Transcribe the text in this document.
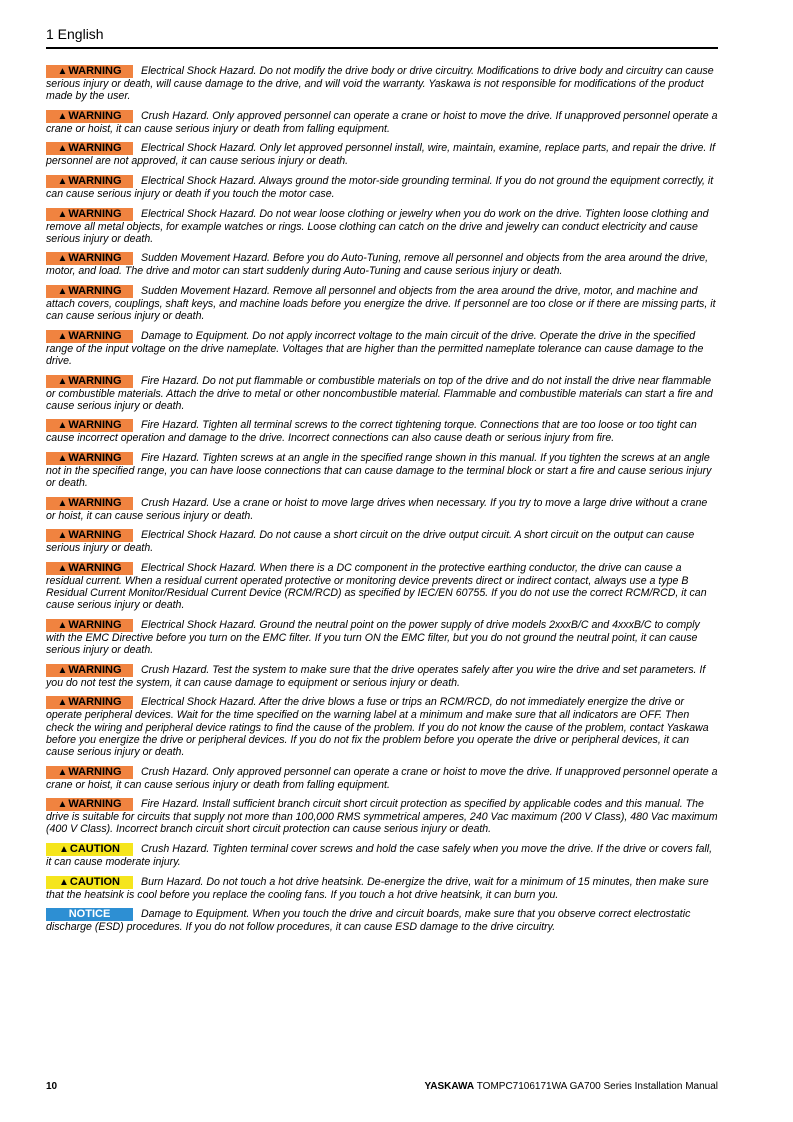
1 English

▲WARNING Electrical Shock Hazard. Do not modify the drive body or drive circuitry. Modifications to drive body and circuitry can cause serious injury or death, will cause damage to the drive, and will void the warranty. Yaskawa is not responsible for modifications of the product made by the user.

▲WARNING Crush Hazard. Only approved personnel can operate a crane or hoist to move the drive. If unapproved personnel operate a crane or hoist, it can cause serious injury or death from falling equipment.

▲WARNING Electrical Shock Hazard. Only let approved personnel install, wire, maintain, examine, replace parts, and repair the drive. If personnel are not approved, it can cause serious injury or death.

▲WARNING Electrical Shock Hazard. Always ground the motor-side grounding terminal. If you do not ground the equipment correctly, it can cause serious injury or death if you touch the motor case.

▲WARNING Electrical Shock Hazard. Do not wear loose clothing or jewelry when you do work on the drive. Tighten loose clothing and remove all metal objects, for example watches or rings. Loose clothing can catch on the drive and jewelry can conduct electricity and cause serious injury or death.

▲WARNING Sudden Movement Hazard. Before you do Auto-Tuning, remove all personnel and objects from the area around the drive, motor, and load. The drive and motor can start suddenly during Auto-Tuning and cause serious injury or death.

▲WARNING Sudden Movement Hazard. Remove all personnel and objects from the area around the drive, motor, and machine and attach covers, couplings, shaft keys, and machine loads before you energize the drive. If personnel are too close or if there are missing parts, it can cause serious injury or death.

▲WARNING Damage to Equipment. Do not apply incorrect voltage to the main circuit of the drive. Operate the drive in the specified range of the input voltage on the drive nameplate. Voltages that are higher than the permitted nameplate tolerance can cause damage to the drive.

▲WARNING Fire Hazard. Do not put flammable or combustible materials on top of the drive and do not install the drive near flammable or combustible materials. Attach the drive to metal or other noncombustible material. Flammable and combustible materials can start a fire and cause serious injury or death.

▲WARNING Fire Hazard. Tighten all terminal screws to the correct tightening torque. Connections that are too loose or too tight can cause incorrect operation and damage to the drive. Incorrect connections can also cause death or serious injury from fire.

▲WARNING Fire Hazard. Tighten screws at an angle in the specified range shown in this manual. If you tighten the screws at an angle not in the specified range, you can have loose connections that can cause damage to the terminal block or start a fire and cause serious injury or death.

▲WARNING Crush Hazard. Use a crane or hoist to move large drives when necessary. If you try to move a large drive without a crane or hoist, it can cause serious injury or death.

▲WARNING Electrical Shock Hazard. Do not cause a short circuit on the drive output circuit. A short circuit on the output can cause serious injury or death.

▲WARNING Electrical Shock Hazard. When there is a DC component in the protective earthing conductor, the drive can cause a residual current. When a residual current operated protective or monitoring device prevents direct or indirect contact, always use a type B Residual Current Monitor/Residual Current Device (RCM/RCD) as specified by IEC/EN 60755. If you do not use the correct RCM/RCD, it can cause serious injury or death.

▲WARNING Electrical Shock Hazard. Ground the neutral point on the power supply of drive models 2xxxB/C and 4xxxB/C to comply with the EMC Directive before you turn on the EMC filter. If you turn ON the EMC filter, but you do not ground the neutral point, it can cause serious injury or death.

▲WARNING Crush Hazard. Test the system to make sure that the drive operates safely after you wire the drive and set parameters. If you do not test the system, it can cause damage to equipment or serious injury or death.

▲WARNING Electrical Shock Hazard. After the drive blows a fuse or trips an RCM/RCD, do not immediately energize the drive or operate peripheral devices. Wait for the time specified on the warning label at a minimum and make sure that all indicators are OFF. Then check the wiring and peripheral device ratings to find the cause of the problem. If you do not know the cause of the problem, contact Yaskawa before you energize the drive or peripheral devices. If you do not fix the problem before you operate the drive or peripheral devices, it can cause serious injury or death.

▲WARNING Crush Hazard. Only approved personnel can operate a crane or hoist to move the drive. If unapproved personnel operate a crane or hoist, it can cause serious injury or death from falling equipment.

▲WARNING Fire Hazard. Install sufficient branch circuit short circuit protection as specified by applicable codes and this manual. The drive is suitable for circuits that supply not more than 100,000 RMS symmetrical amperes, 240 Vac maximum (200 V Class), 480 Vac maximum (400 V Class). Incorrect branch circuit short circuit protection can cause serious injury or death.

▲CAUTION Crush Hazard. Tighten terminal cover screws and hold the case safely when you move the drive. If the drive or covers fall, it can cause moderate injury.

▲CAUTION Burn Hazard. Do not touch a hot drive heatsink. De-energize the drive, wait for a minimum of 15 minutes, then make sure that the heatsink is cool before you replace the cooling fans. If you touch a hot drive heatsink, it can burn you.

NOTICE	Damage to Equipment. When you touch the drive and circuit boards, make sure that you observe correct electrostatic discharge (ESD) procedures. If you do not follow procedures, it can cause ESD damage to the drive circuitry.

10	YASKAWA TOMPC7106171WA GA700 Series Installation Manual
